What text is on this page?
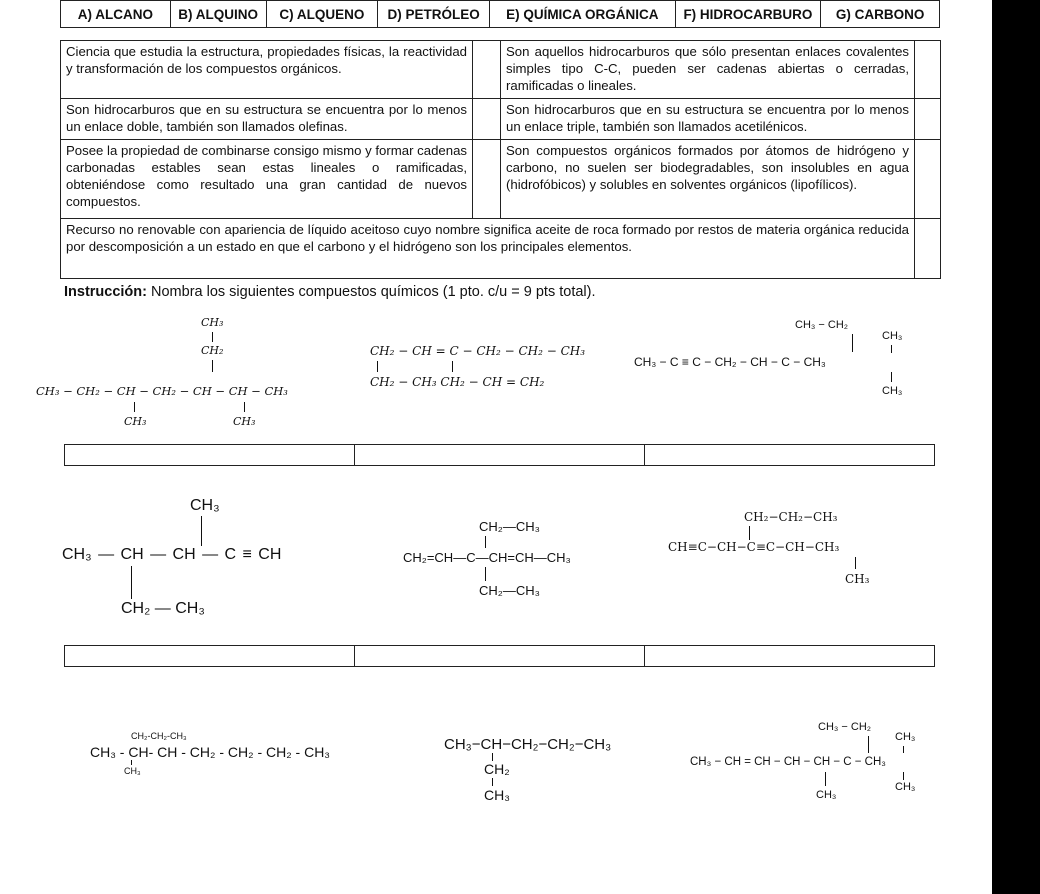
A) ALCANO	B) ALQUINO	C) ALQUENO	D) PETRÓLEO	E) QUÍMICA ORGÁNICA	F) HIDROCARBURO	G) CARBONO
Ciencia que estudia la estructura, propiedades físicas, la reactividad y transformación de los compuestos orgánicos.		Son aquellos hidrocarburos que sólo presentan enlaces covalentes simples tipo C-C, pueden ser cadenas abiertas o cerradas, ramificadas o lineales.	
Son hidrocarburos que en su estructura se encuentra por lo menos un enlace doble, también son llamados olefinas.		Son hidrocarburos que en su estructura se encuentra por lo menos un enlace triple, también son llamados acetilénicos.	
Posee la propiedad de combinarse consigo mismo y formar cadenas carbonadas estables sean estas lineales o ramificadas, obteniéndose como resultado una gran cantidad de nuevos compuestos.		Son compuestos orgánicos formados por átomos de hidrógeno y carbono, no suelen ser biodegradables, son insolubles en agua (hidrofóbicos) y solubles en solventes orgánicos (lipofílicos).	
Recurso no renovable con apariencia de líquido aceitoso cuyo nombre significa aceite de roca formado por restos de materia orgánica reducida por descomposición a un estado en que el carbono y el hidrógeno son los principales elementos.			
Instrucción: Nombra los siguientes compuestos químicos (1 pto. c/u = 9 pts total).
CH₃
CH₂
CH₃ − CH₂ − CH − CH₂ − CH − CH − CH₃
CH₃	CH₃
CH₂ − CH = C − CH₂ − CH₂ − CH₃
CH₂ − CH₃ CH₂ − CH = CH₂
CH₃ − CH₂
CH₃
CH₃ − C ≡ C − CH₂ − CH − C − CH₃
CH₃
CH₃
CH₃ — CH — CH — C ≡ CH
CH₂ — CH₃
CH₂—CH₃
CH₂=CH—C—CH=CH—CH₃
CH₂—CH₃
CH₂−CH₂−CH₃
CH≡C−CH−C≡C−CH−CH₃
CH₃
CH₂-CH₂-CH₃
CH₃ - CH- CH - CH₂ - CH₂ - CH₂ - CH₃
CH₃
CH₃−CH−CH₂−CH₂−CH₃
CH₂
CH₃
CH₃ − CH₂
CH₃
CH₃ − CH = CH − CH − CH − C − CH₃
CH₃
CH₃
